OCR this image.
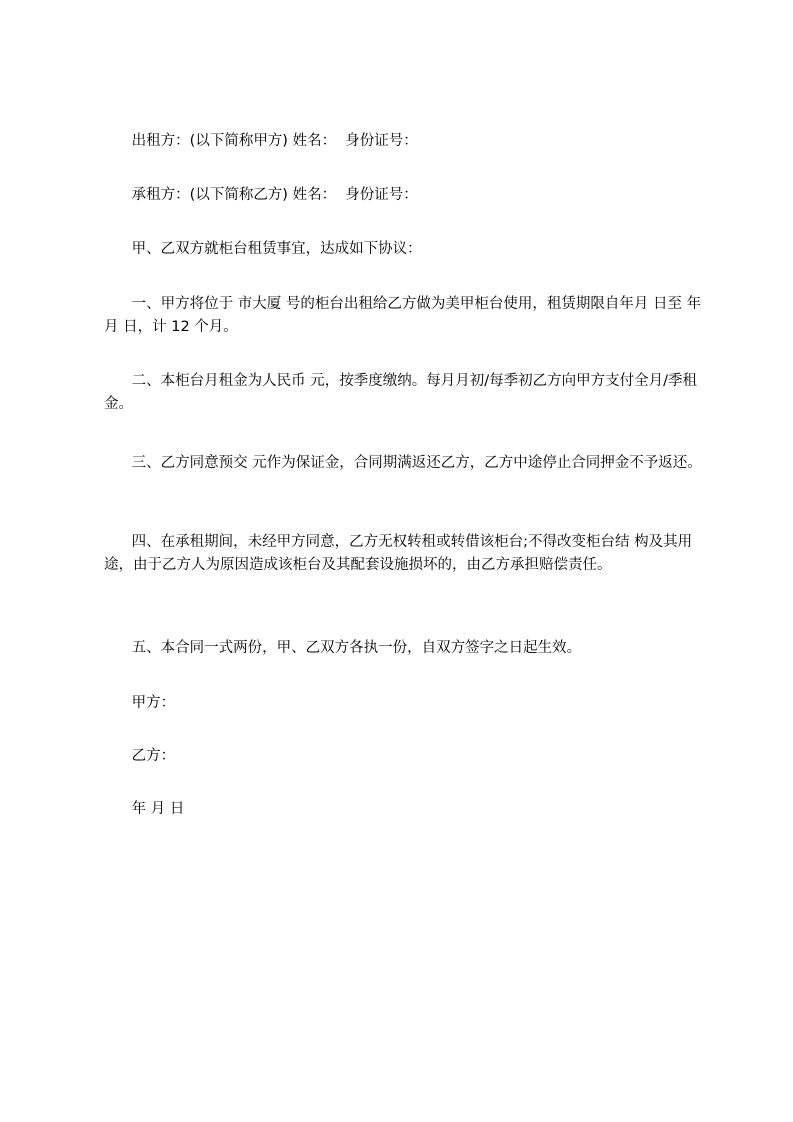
出租方：(以下简称甲方) 姓名：  身份证号：

承租方：(以下简称乙方) 姓名：  身份证号：

甲、乙双方就柜台租赁事宜，达成如下协议：

一、甲方将位于 市大厦 号的柜台出租给乙方做为美甲柜台使用，租赁期限自年月 日至 年 月 日，计 12 个月。

二、本柜台月租金为人民币 元，按季度缴纳。每月月初/每季初乙方向甲方支付全月/季租金。

三、乙方同意预交 元作为保证金，合同期满返还乙方，乙方中途停止合同押金不予返还。

四、在承租期间，未经甲方同意，乙方无权转租或转借该柜台;不得改变柜台结 构及其用途，由于乙方人为原因造成该柜台及其配套设施损坏的，由乙方承担赔偿责任。

五、本合同一式两份，甲、乙双方各执一份，自双方签字之日起生效。

甲方：

乙方：

年 月 日
